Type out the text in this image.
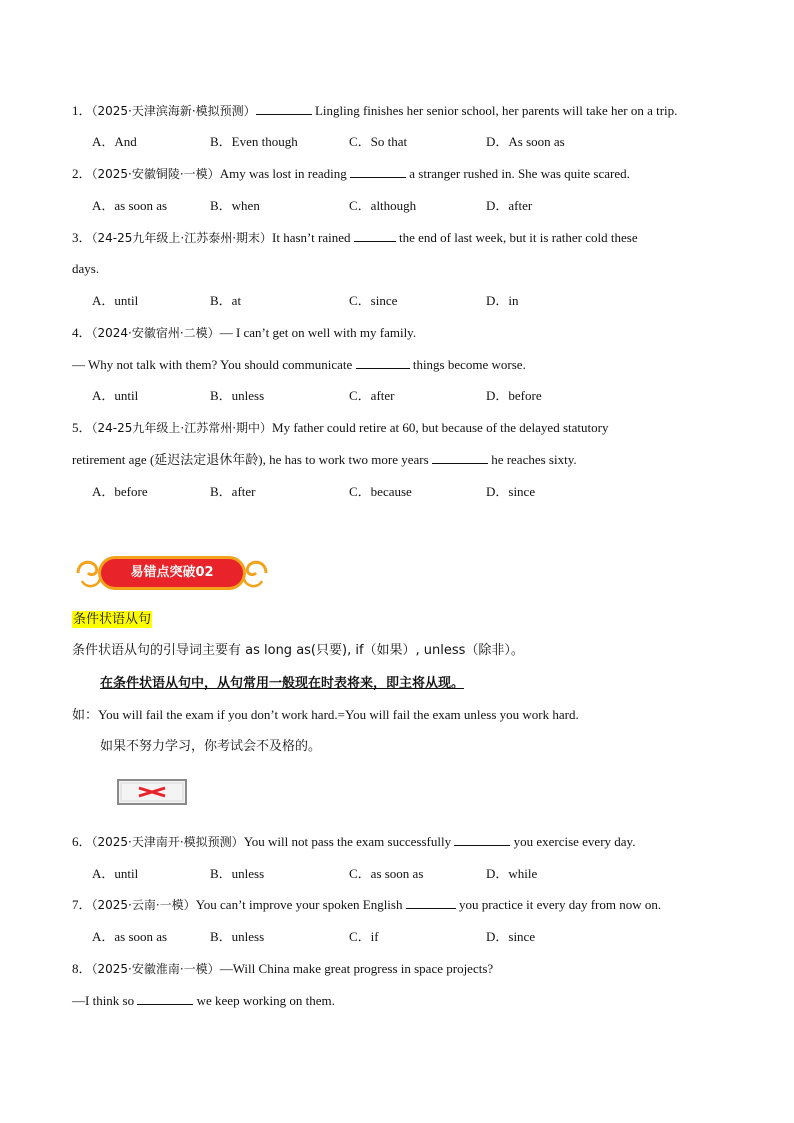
1．（2025·天津滨海新·模拟预测）	Lingling finishes her senior school, her parents will take her on a trip.
A．And	B．Even though	C．So that	D．As soon as
2．（2025·安徽铜陵·一模）Amy was lost in reading	a stranger rushed in. She was quite scared.
A．as soon as	B．when	C．although	D．after
3．（24-25九年级上·江苏泰州·期末）It hasn’t rained	the end of last week, but it is rather cold these
days.
A．until	B．at	C．since	D．in
4．（2024·安徽宿州·二模）— I can’t get on well with my family.
— Why not talk with them? You should communicate	things become worse.
A．until	B．unless	C．after	D．before
5．（24-25九年级上·江苏常州·期中）My father could retire at 60, but because of the delayed statutory
retirement age (延迟法定退休年龄), he has to work two more years	he reaches sixty.
A．before	B．after	C．because	D．since
易错点突破02
条件状语从句
条件状语从句的引导词主要有 as long as(只要), if（如果）, unless（除非）。
在条件状语从句中，从句常用一般现在时表将来，即主将从现。
如：You will fail the exam if you don’t work hard.=You will fail the exam unless you work hard.
如果不努力学习，你考试会不及格的。
6．（2025·天津南开·模拟预测）You will not pass the exam successfully	you exercise every day.
A．until	B．unless	C．as soon as	D．while
7．（2025·云南·一模）You can’t improve your spoken English	you practice it every day from now on.
A．as soon as	B．unless	C．if	D．since
8．（2025·安徽淮南·一模）—Will China make great progress in space projects?
—I think so	we keep working on them.
